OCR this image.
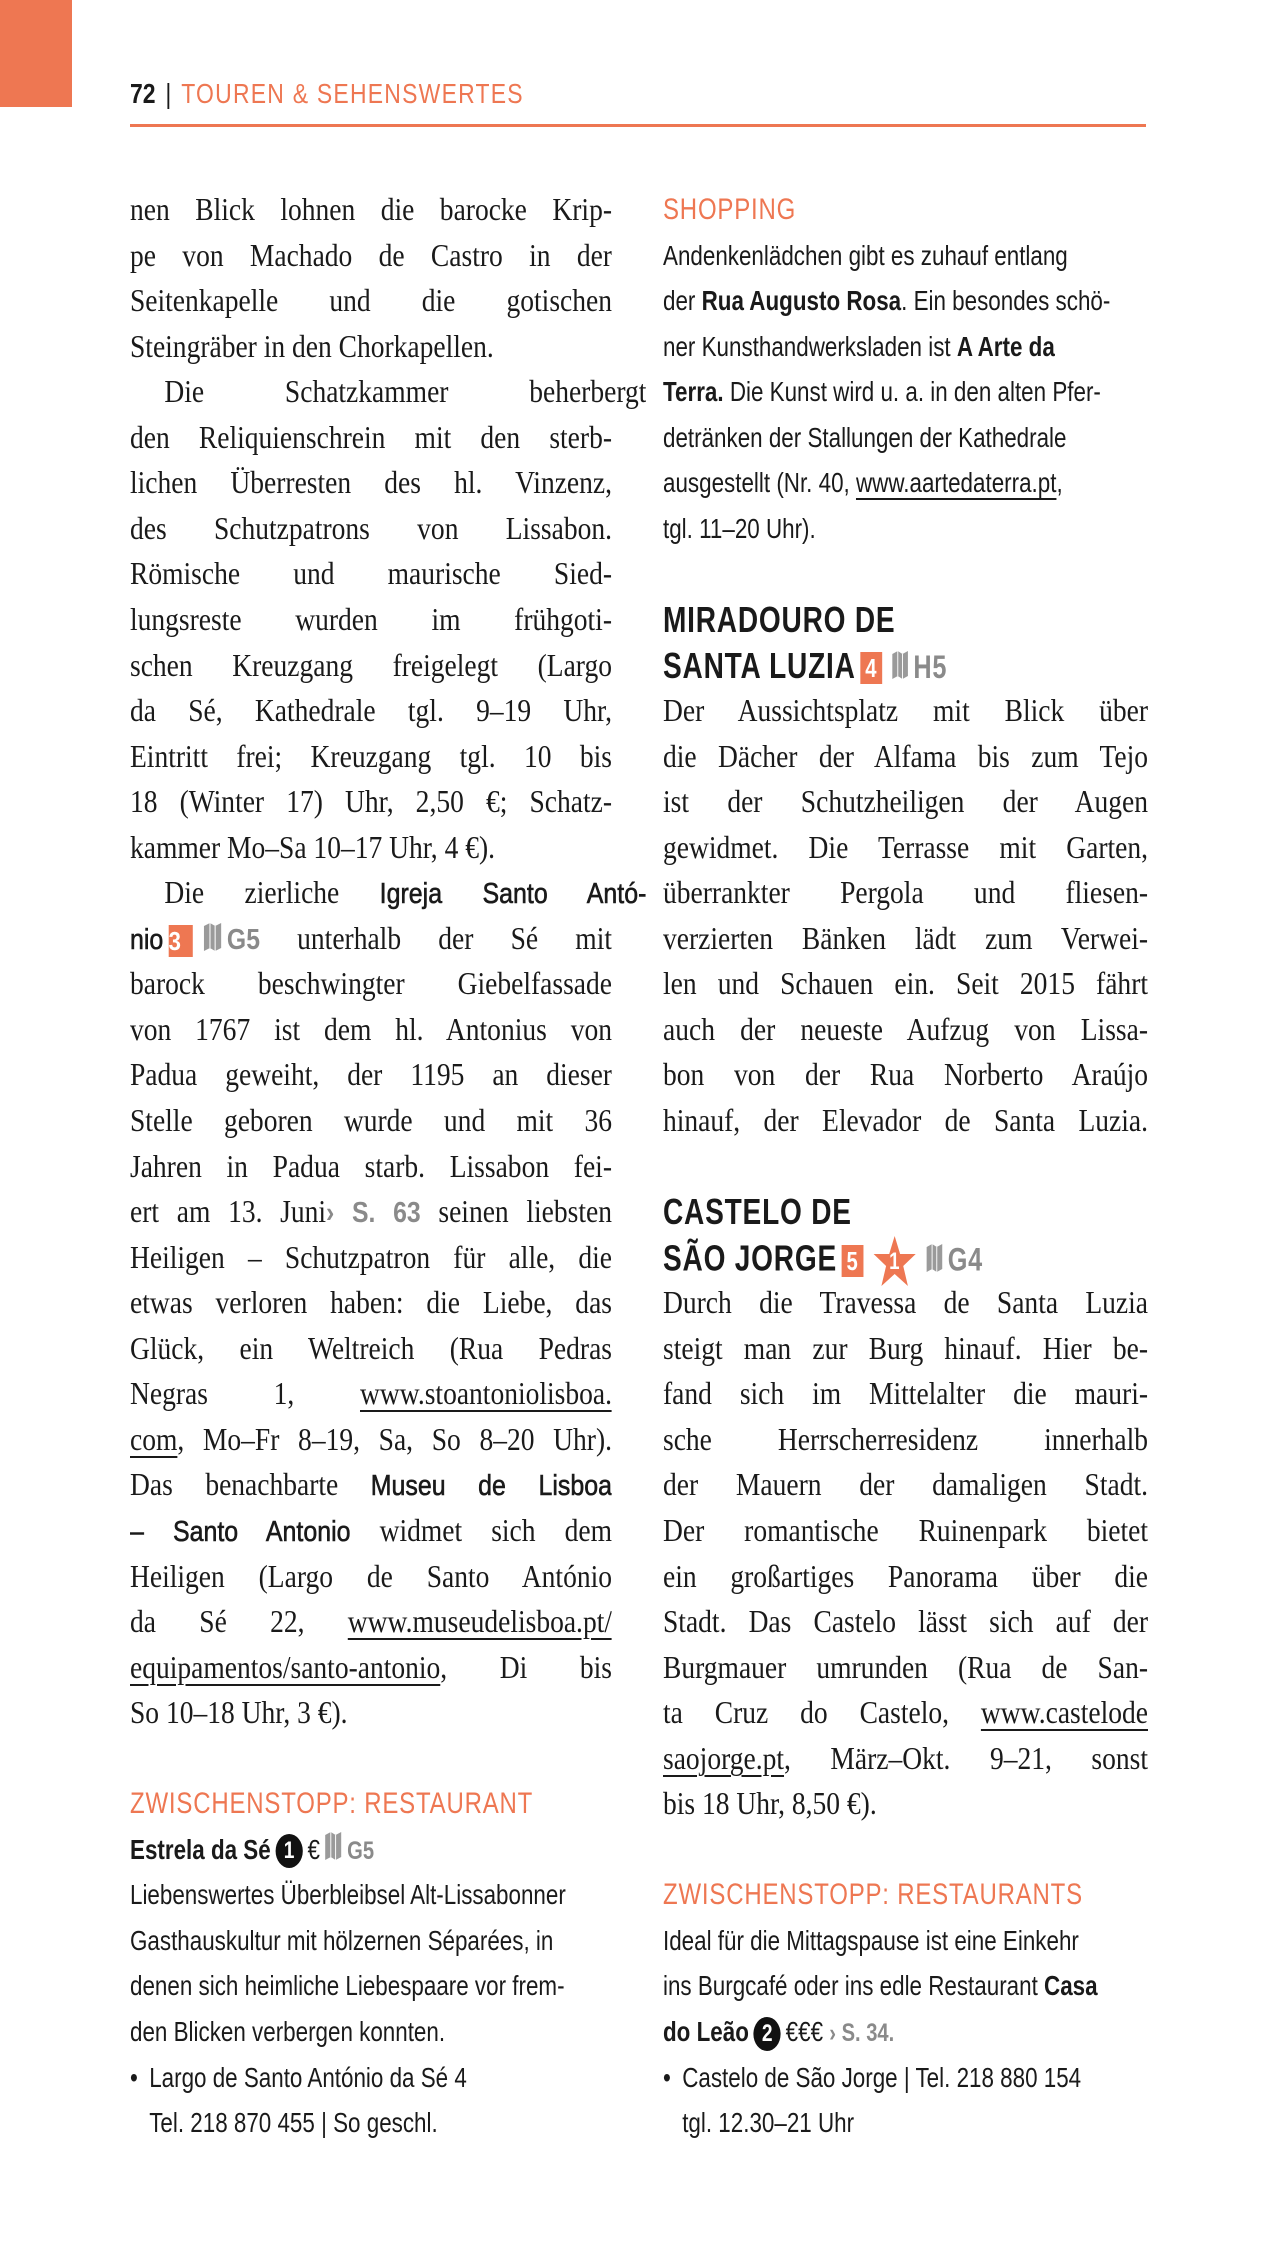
72 | TOUREN & SEHENSWERTES
nen Blick lohnen die barocke Krip-
pe von Machado de Castro in der
Seitenkapelle und die gotischen
Steingräber in den Chorkapellen.
Die Schatzkammer beherbergt
den Reliquienschrein mit den sterb-
lichen Überresten des hl. Vinzenz,
des Schutzpatrons von Lissabon.
Römische und maurische Sied-
lungsreste wurden im frühgoti-
schen Kreuzgang freigelegt (Largo
da Sé, Kathedrale tgl. 9–19 Uhr,
Eintritt frei; Kreuzgang tgl. 10 bis
18 (Winter 17) Uhr, 2,50 €; Schatz-
kammer Mo–Sa 10–17 Uhr, 4 €).
Die zierliche Igreja Santo Antó-
nio 3 G5 unterhalb der Sé mit
barock beschwingter Giebelfassade
von 1767 ist dem hl. Antonius von
Padua geweiht, der 1195 an dieser
Stelle geboren wurde und mit 36
Jahren in Padua starb. Lissabon fei-
ert am 13. Juni› S. 63 seinen liebsten
Heiligen – Schutzpatron für alle, die
etwas verloren haben: die Liebe, das
Glück, ein Weltreich (Rua Pedras
Negras 1, www.stoantoniolisboa.
com, Mo–Fr 8–19, Sa, So 8–20 Uhr).
Das benachbarte Museu de Lisboa
– Santo Antonio widmet sich dem
Heiligen (Largo de Santo António
da Sé 22, www.museudelisboa.pt/
equipamentos/santo-antonio, Di bis
So 10–18 Uhr, 3 €).
ZWISCHENSTOPP: RESTAURANT
Estrela da Sé 1 € G5
Liebenswertes Überbleibsel Alt-Lissabonner
Gasthauskultur mit hölzernen Séparées, in
denen sich heimliche Liebespaare vor frem-
den Blicken verbergen konnten.
• Largo de Santo António da Sé 4
Tel. 218 870 455 | So geschl.
SHOPPING
Andenkenlädchen gibt es zuhauf entlang
der Rua Augusto Rosa. Ein besondes schö-
ner Kunsthandwerksladen ist A Arte da
Terra. Die Kunst wird u. a. in den alten Pfer-
detränken der Stallungen der Kathedrale
ausgestellt (Nr. 40, www.aartedaterra.pt,
tgl. 11–20 Uhr).
MIRADOURO DE
SANTA LUZIA 4 H5
Der Aussichtsplatz mit Blick über
die Dächer der Alfama bis zum Tejo
ist der Schutzheiligen der Augen
gewidmet. Die Terrasse mit Garten,
überrankter Pergola und fliesen-
verzierten Bänken lädt zum Verwei-
len und Schauen ein. Seit 2015 fährt
auch der neueste Aufzug von Lissa-
bon von der Rua Norberto Araújo
hinauf, der Elevador de Santa Luzia.
CASTELO DE
SÃO JORGE 5	1	G4
Durch die Travessa de Santa Luzia
steigt man zur Burg hinauf. Hier be-
fand sich im Mittelalter die mauri-
sche Herrscherresidenz innerhalb
der Mauern der damaligen Stadt.
Der romantische Ruinenpark bietet
ein großartiges Panorama über die
Stadt. Das Castelo lässt sich auf der
Burgmauer umrunden (Rua de San-
ta Cruz do Castelo, www.castelode
saojorge.pt, März–Okt. 9–21, sonst
bis 18 Uhr, 8,50 €).
ZWISCHENSTOPP: RESTAURANTS
Ideal für die Mittagspause ist eine Einkehr
ins Burgcafé oder ins edle Restaurant Casa
do Leão 2 €€€ › S. 34.
• Castelo de São Jorge | Tel. 218 880 154
tgl. 12.30–21 Uhr
